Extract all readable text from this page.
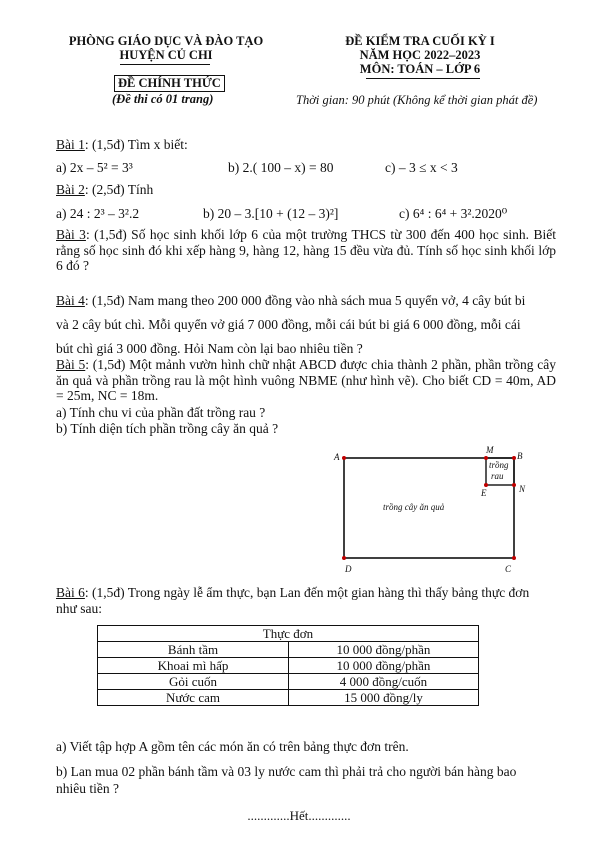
PHÒNG GIÁO DỤC VÀ ĐÀO TẠO
HUYỆN CỦ CHI
ĐỀ CHÍNH THỨC
(Đề thi có 01 trang)
ĐỀ KIỂM TRA CUỐI KỲ I
NĂM HỌC 2022–2023
MÔN: TOÁN – LỚP 6
Thời gian: 90 phút (Không kể thời gian phát đề)
Bài 1: (1,5đ) Tìm x biết:
a) 2x – 5² = 3³	b) 2.( 100 – x) = 80	c) – 3 ≤ x < 3
Bài 2: (2,5đ) Tính
a) 24 : 2³ – 3².2	b) 20 – 3.[10 + (12 – 3)²]	c) 6⁴ : 6⁴ + 3².2020⁰
Bài 3: (1,5đ) Số học sinh khối lớp 6 của một trường THCS từ 300 đến 400 học sinh. Biết rằng số học sinh đó khi xếp hàng 9, hàng 12, hàng 15 đều vừa đủ. Tính số học sinh khối lớp 6 đó ?
Bài 4: (1,5đ) Nam mang theo 200 000 đồng vào nhà sách mua 5 quyển vở, 4 cây bút bi
và 2 cây bút chì. Mỗi quyển vở giá 7 000 đồng, mỗi cái bút bi giá 6 000 đồng, mỗi cái
bút chì giá 3 000 đồng. Hỏi Nam còn lại bao nhiêu tiền ?
Bài 5: (1,5đ) Một mảnh vườn hình chữ nhật ABCD được chia thành 2 phần, phần trồng cây ăn quả và phần trồng rau là một hình vuông NBME (như hình vẽ). Cho biết CD = 40m, AD = 25m, NC = 18m.
a) Tính chu vi của phần đất trồng rau ?
b) Tính diện tích phần trồng cây ăn quả ?
A	B
M
N
E
D	C
trồng
rau
trồng cây ăn quả
Bài 6: (1,5đ) Trong ngày lễ ẩm thực, bạn Lan đến một gian hàng thì thấy bảng thực đơn
như sau:
Thực đơn	
Bánh tầm	10 000 đồng/phần
Khoai mì hấp	10 000 đồng/phần
Gỏi cuốn	4 000 đồng/cuốn
Nước cam	15 000 đồng/ly
a) Viết tập hợp A gồm tên các món ăn có trên bảng thực đơn trên.
b) Lan mua 02 phần bánh tầm và 03 ly nước cam thì phải trả cho người bán hàng bao
nhiêu tiền ?
.............Hết.............
